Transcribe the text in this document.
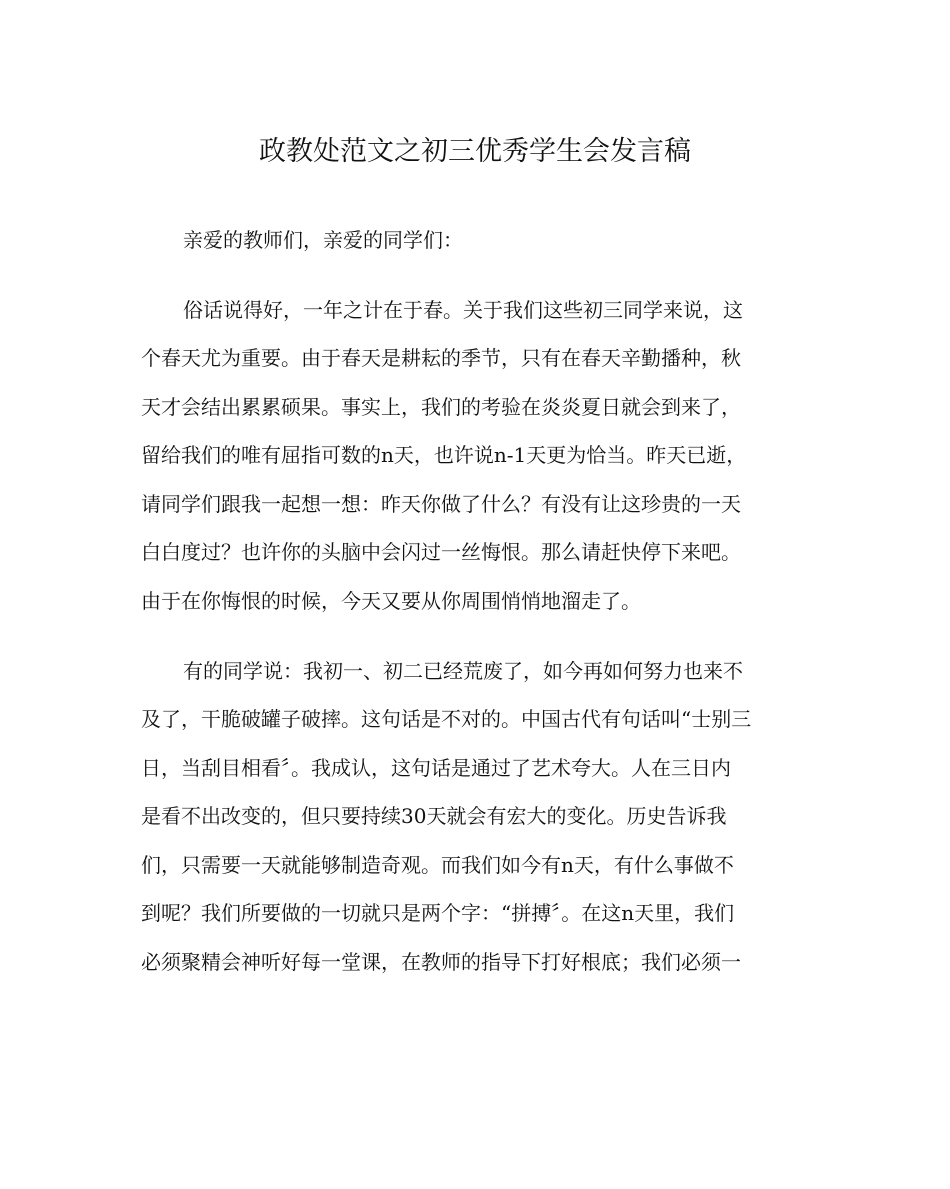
政教处范文之初三优秀学生会发言稿

亲爱的教师们，亲爱的同学们：

俗话说得好，一年之计在于春。关于我们这些初三同学来说，这

个春天尤为重要。由于春天是耕耘的季节，只有在春天辛勤播种，秋

天才会结出累累硕果。事实上，我们的考验在炎炎夏日就会到来了，

留给我们的唯有屈指可数的n天，也许说n-1天更为恰当。昨天已逝，

请同学们跟我一起想一想：昨天你做了什么？有没有让这珍贵的一天

白白度过？也许你的头脑中会闪过一丝悔恨。那么请赶快停下来吧。

由于在你悔恨的时候，今天又要从你周围悄悄地溜走了。

有的同学说：我初一、初二已经荒废了，如今再如何努力也来不

及了，干脆破罐子破摔。这句话是不对的。中国古代有句话叫“士别三

日，当刮目相看〞。我成认，这句话是通过了艺术夸大。人在三日内

是看不出改变的，但只要持续30天就会有宏大的变化。历史告诉我

们，只需要一天就能够制造奇观。而我们如今有n天，有什么事做不

到呢？我们所要做的一切就只是两个字：“拼搏〞。在这n天里，我们

必须聚精会神听好每一堂课，在教师的指导下打好根底；我们必须一
